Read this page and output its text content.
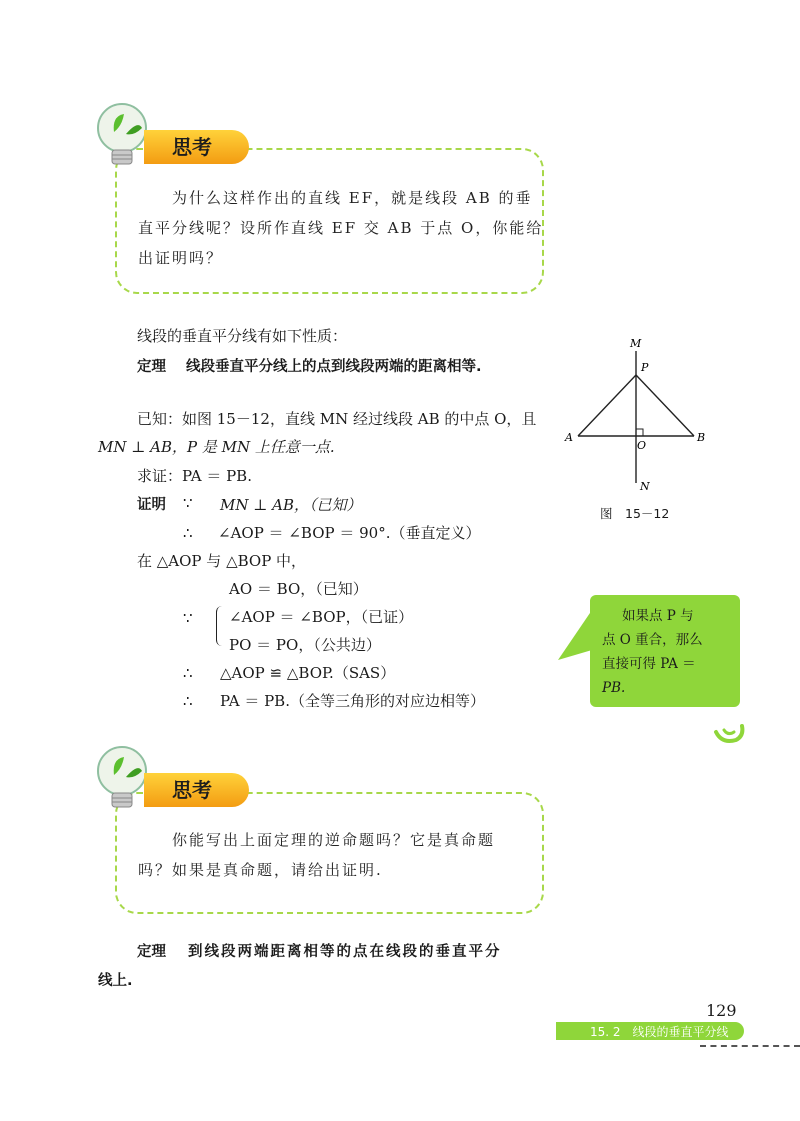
思考
为什么这样作出的直线 EF，就是线段 AB 的垂
直平分线呢？设所作直线 EF 交 AB 于点 O，你能给
出证明吗？
线段的垂直平分线有如下性质：
定理 线段垂直平分线上的点到线段两端的距离相等.
已知：如图 15－12，直线 MN 经过线段 AB 的中点 O，且
MN ⊥ AB，P 是 MN 上任意一点.
求证：PA ＝ PB.
证明 ∵ MN ⊥ AB，（已知）
∴ ∠AOP ＝ ∠BOP ＝ 90°.（垂直定义）
在 △AOP 与 △BOP 中，
AO ＝ BO，（已知）
∵ ∠AOP ＝ ∠BOP，（已证）
PO ＝ PO，（公共边）
∴ △AOP ≌ △BOP.（SAS）
∴ PA ＝ PB.（全等三角形的对应边相等）
M
P
A
O
B
N
图　15－12
如果点 P 与
点 O 重合，那么
直接可得 PA ＝
PB.
思考
你能写出上面定理的逆命题吗？它是真命题
吗？如果是真命题，请给出证明.
定理 到线段两端距离相等的点在线段的垂直平分
线上.
129
15. 2　线段的垂直平分线
